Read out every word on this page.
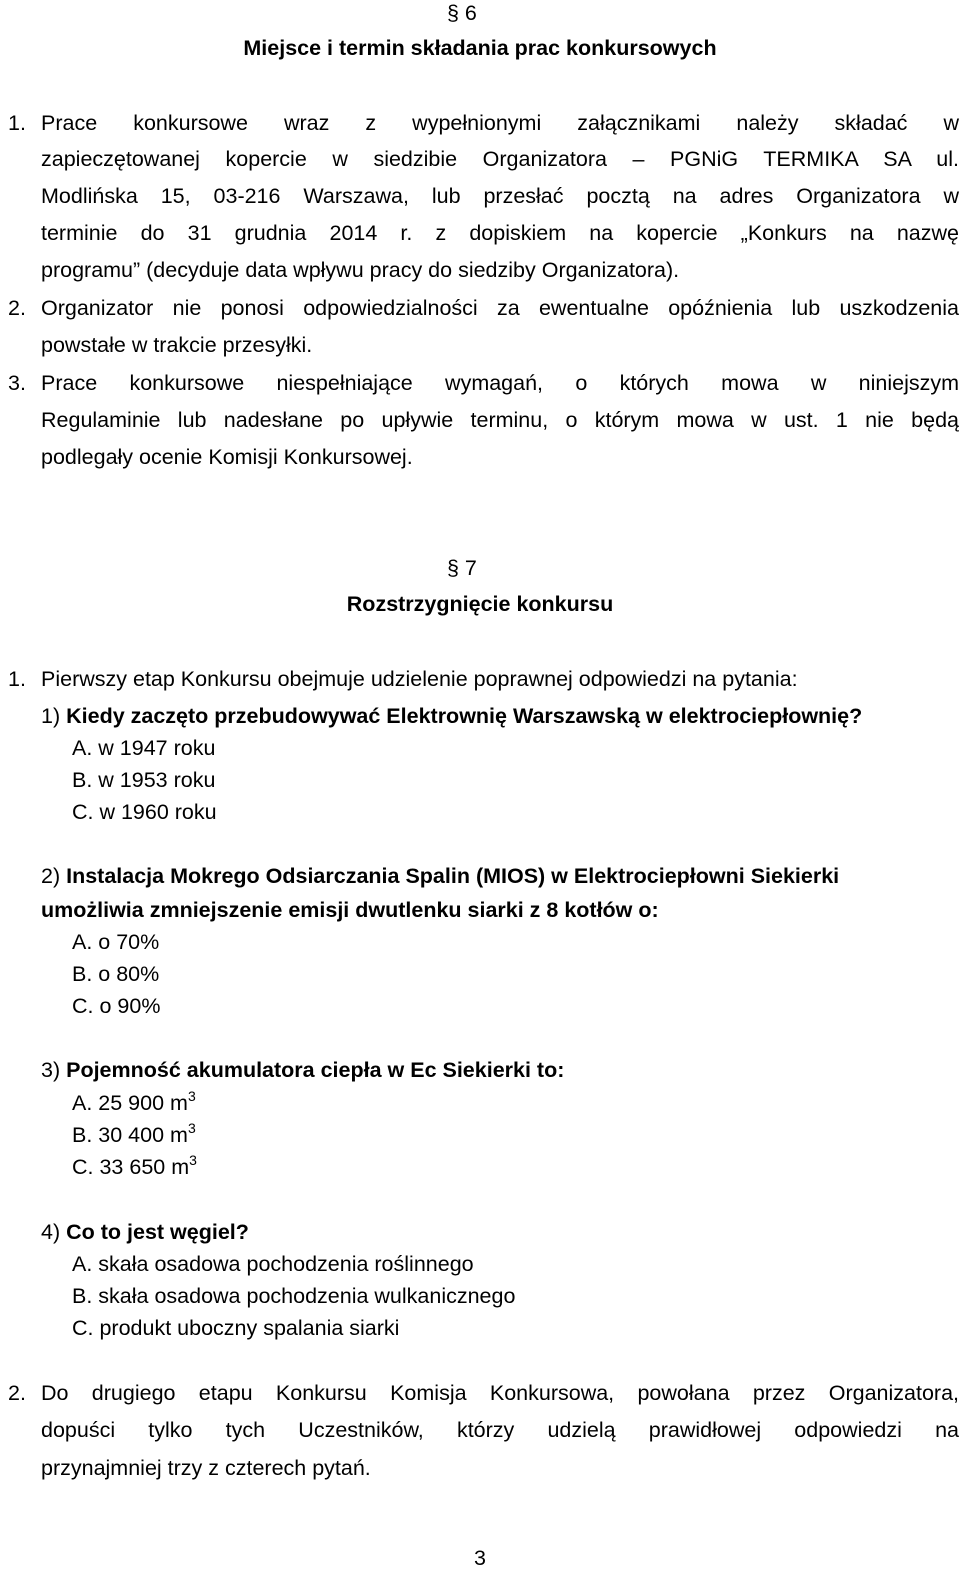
§ 6
Miejsce i termin składania prac konkursowych
1. Prace konkursowe wraz z wypełnionymi załącznikami należy składać w
zapieczętowanej kopercie w siedzibie Organizatora – PGNiG TERMIKA SA ul.
Modlińska 15, 03-216 Warszawa, lub przesłać pocztą na adres Organizatora w
terminie do 31 grudnia 2014 r. z dopiskiem na kopercie „Konkurs na nazwę
programu” (decyduje data wpływu pracy do siedziby Organizatora).
2. Organizator nie ponosi odpowiedzialności za ewentualne opóźnienia lub uszkodzenia
powstałe w trakcie przesyłki.
3. Prace konkursowe niespełniające wymagań, o których mowa w niniejszym
Regulaminie lub nadesłane po upływie terminu, o którym mowa w ust. 1 nie będą
podlegały ocenie Komisji Konkursowej.
§ 7
Rozstrzygnięcie konkursu
1. Pierwszy etap Konkursu obejmuje udzielenie poprawnej odpowiedzi na pytania:
1) Kiedy zaczęto przebudowywać Elektrownię Warszawską w elektrociepłownię?
A. w 1947 roku
B. w 1953 roku
C. w 1960 roku
2) Instalacja Mokrego Odsiarczania Spalin (MIOS) w Elektrociepłowni Siekierki
umożliwia zmniejszenie emisji dwutlenku siarki z 8 kotłów o:
A. o 70%
B. o 80%
C. o 90%
3) Pojemność akumulatora ciepła w Ec Siekierki to:
A. 25 900 $m^3$
B. 30 400 $m^3$
C. 33 650 $m^3$
4) Co to jest węgiel?
A. skała osadowa pochodzenia roślinnego
B. skała osadowa pochodzenia wulkanicznego
C. produkt uboczny spalania siarki
2. Do drugiego etapu Konkursu Komisja Konkursowa, powołana przez Organizatora,
dopuści tylko tych Uczestników, którzy udzielą prawidłowej odpowiedzi na
przynajmniej trzy z czterech pytań.
3
